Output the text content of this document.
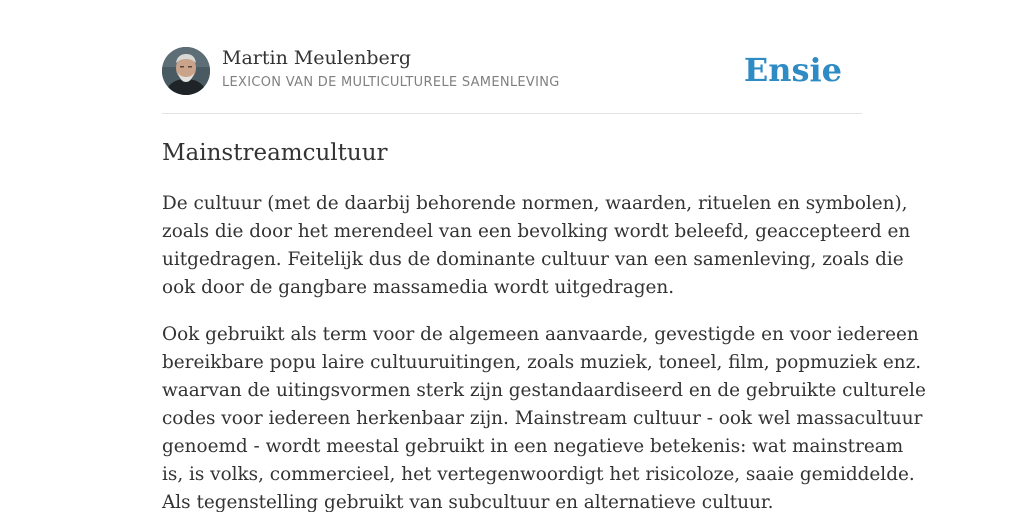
Martin Meulenberg
LEXICON VAN DE MULTICULTURELE SAMENLEVING	Ensie
Mainstreamcultuur

De cultuur (met de daarbij behorende normen, waarden, rituelen en symbolen),
zoals die door het merendeel van een bevolking wordt beleefd, geaccepteerd en
uitgedragen. Feitelijk dus de dominante cultuur van een samenleving, zoals die
ook door de gangbare massamedia wordt uitgedragen.

Ook gebruikt als term voor de algemeen aanvaarde, gevestigde en voor iedereen
bereikbare popu laire cultuuruitingen, zoals muziek, toneel, film, popmuziek enz.
waarvan de uitingsvormen sterk zijn gestandaardiseerd en de gebruikte culturele
codes voor iedereen herkenbaar zijn. Mainstream cultuur - ook wel massacultuur
genoemd - wordt meestal gebruikt in een negatieve betekenis: wat mainstream
is, is volks, commercieel, het vertegenwoordigt het risicoloze, saaie gemiddelde.
Als tegenstelling gebruikt van subcultuur en alternatieve cultuur.
